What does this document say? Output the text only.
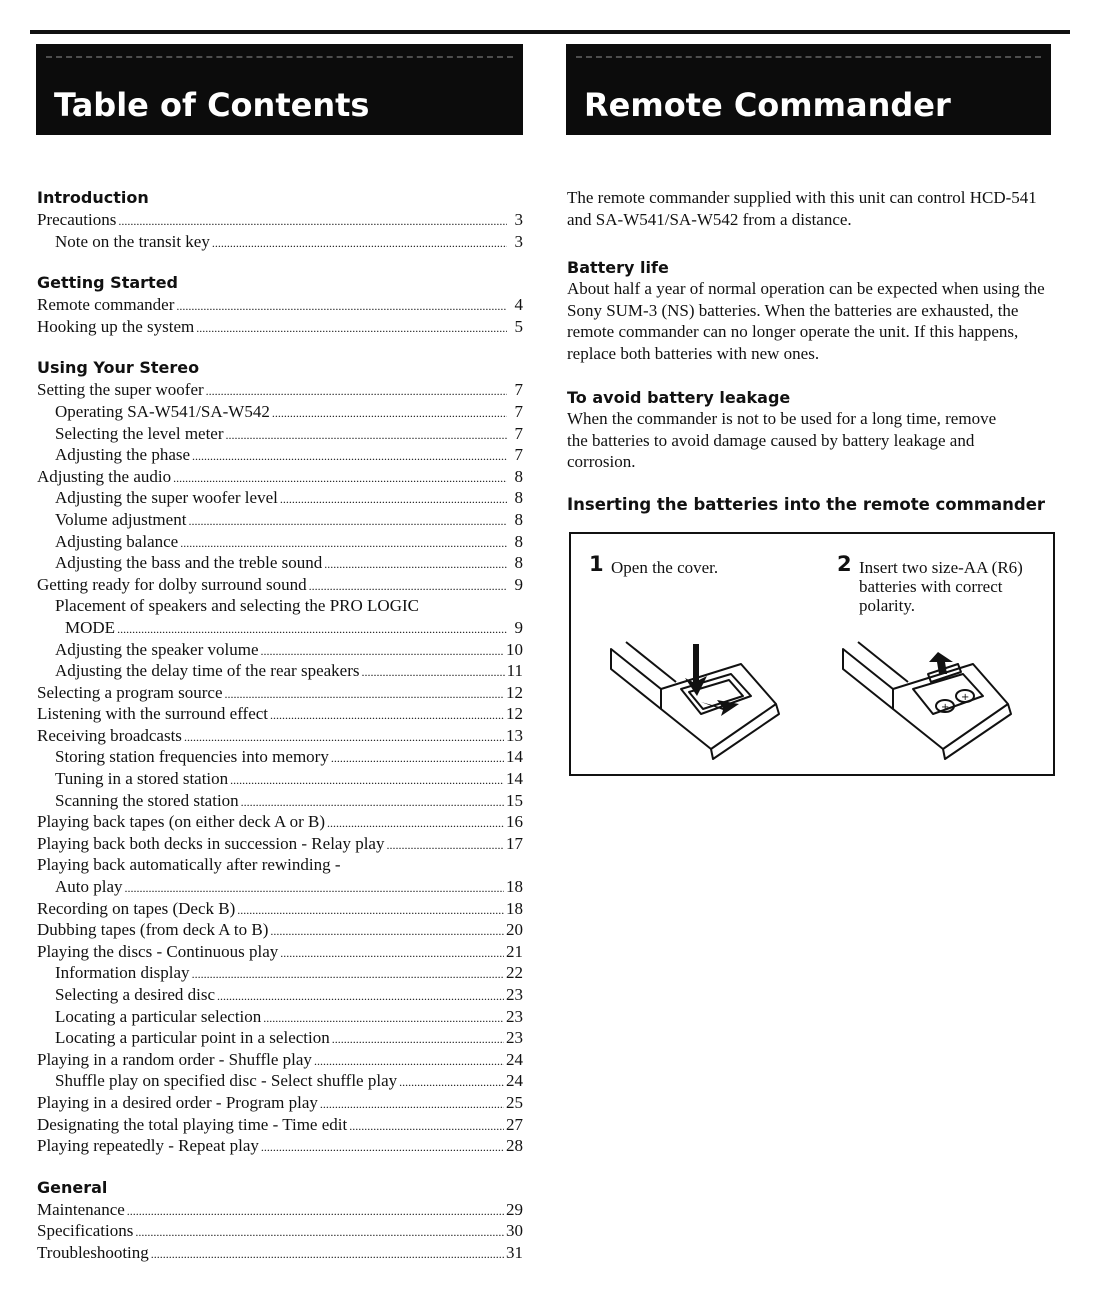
Table of Contents	Remote Commander
Introduction
Precautions .....	3
Note on the transit key .....	3
Getting Started
Remote commander .....	4
Hooking up the system .....	5
Using Your Stereo
Setting the super woofer .....	7
Operating SA-W541/SA-W542 .....	7
Selecting the level meter .....	7
Adjusting the phase .....	7
Adjusting the audio .....	8
Adjusting the super woofer level .....	8
Volume adjustment .....	8
Adjusting balance .....	8
Adjusting the bass and the treble sound .....	8
Getting ready for dolby surround sound .....	9
Placement of speakers and selecting the PRO LOGIC
MODE .....	9
Adjusting the speaker volume .....	10
Adjusting the delay time of the rear speakers .....	11
Selecting a program source .....	12
Listening with the surround effect .....	12
Receiving broadcasts .....	13
Storing station frequencies into memory .....	14
Tuning in a stored station .....	14
Scanning the stored station .....	15
Playing back tapes (on either deck A or B) .....	16
Playing back both decks in succession - Relay play .....	17
Playing back automatically after rewinding -
Auto play .....	18
Recording on tapes (Deck B) .....	18
Dubbing tapes (from deck A to B) .....	20
Playing the discs - Continuous play .....	21
Information display .....	22
Selecting a desired disc .....	23
Locating a particular selection .....	23
Locating a particular point in a selection .....	23
Playing in a random order - Shuffle play .....	24
Shuffle play on specified disc - Select shuffle play .....	24
Playing in a desired order - Program play .....	25
Designating the total playing time - Time edit .....	27
Playing repeatedly - Repeat play .....	28
General
Maintenance .....	29
Specifications .....	30
Troubleshooting .....	31

The remote commander supplied with this unit can control HCD-541 and SA-W541/SA-W542 from a distance.

Battery life

About half a year of normal operation can be expected when using the Sony SUM-3 (NS) batteries. When the batteries are exhausted, the remote commander can no longer operate the unit. If this happens, replace both batteries with new ones.

To avoid battery leakage

When the commander is not to be used for a long time, remove the batteries to avoid damage caused by battery leakage and corrosion.

Inserting the batteries into the remote commander

1 Open the cover.	2 Insert two size-AA (R6) batteries with correct polarity.
+
+
